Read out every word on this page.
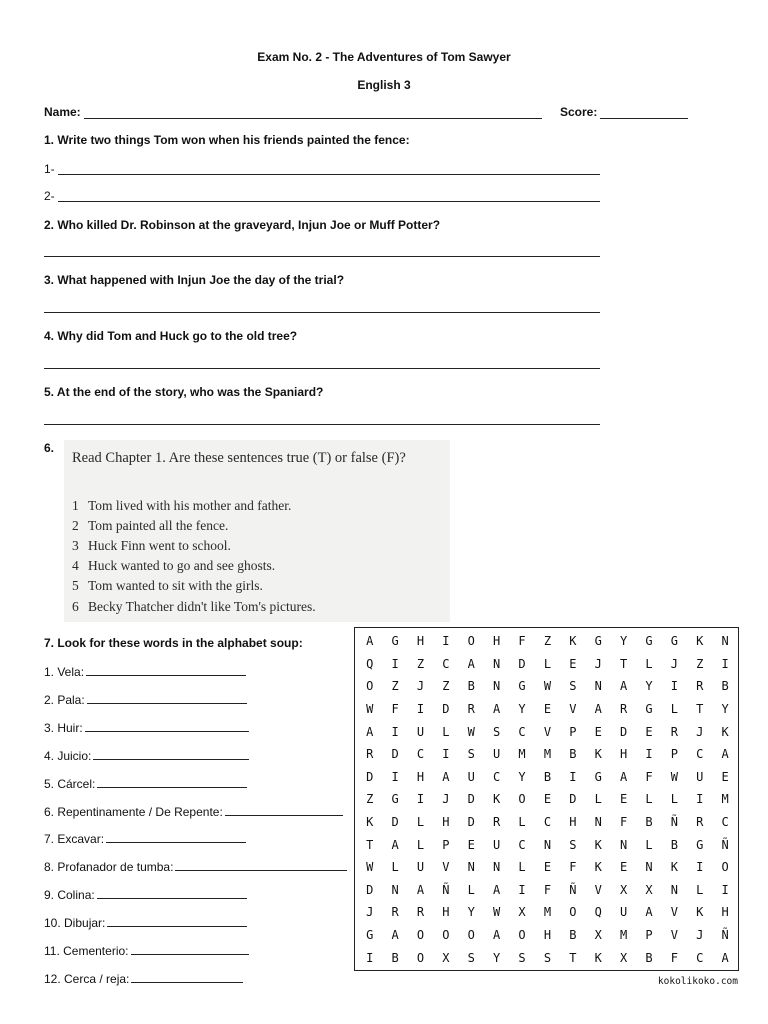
Exam No. 2 - The Adventures of Tom Sawyer
English 3
Name:	Score:
1. Write two things Tom won when his friends painted the fence:
1-
2-
2. Who killed Dr. Robinson at the graveyard, Injun Joe or Muff Potter?
3. What happened with Injun Joe the day of the trial?
4. Why did Tom and Huck go to the old tree?
5. At the end of the story, who was the Spaniard?
6.
Read Chapter 1. Are these sentences true (T) or false (F)?
1 Tom lived with his mother and father.
2 Tom painted all the fence.
3 Huck Finn went to school.
4 Huck wanted to go and see ghosts.
5 Tom wanted to sit with the girls.
6 Becky Thatcher didn't like Tom's pictures.
7. Look for these words in the alphabet soup:
1. Vela:
2. Pala:
3. Huir:
4. Juicio:
5. Cárcel:
6. Repentinamente / De Repente:
7. Excavar:
8. Profanador de tumba:
9. Colina:
10. Dibujar:
11. Cementerio:
12. Cerca / reja:
A	G	H	I	O	H	F	Z	K	G	Y	G	G	K	N
Q	I	Z	C	A	N	D	L	E	J	T	L	J	Z	I
O	Z	J	Z	B	N	G	W	S	N	A	Y	I	R	B
W	F	I	D	R	A	Y	E	V	A	R	G	L	T	Y
A	I	U	L	W	S	C	V	P	E	D	E	R	J	K
R	D	C	I	S	U	M	M	B	K	H	I	P	C	A
D	I	H	A	U	C	Y	B	I	G	A	F	W	U	E
Z	G	I	J	D	K	O	E	D	L	E	L	L	I	M
K	D	L	H	D	R	L	C	H	N	F	B	Ñ	R	C
T	A	L	P	E	U	C	N	S	K	N	L	B	G	Ñ
W	L	U	V	N	N	L	E	F	K	E	N	K	I	O
D	N	A	Ñ	L	A	I	F	Ñ	V	X	X	N	L	I
J	R	R	H	Y	W	X	M	O	Q	U	A	V	K	H
G	A	O	O	O	A	O	H	B	X	M	P	V	J	Ñ
I	B	O	X	S	Y	S	S	T	K	X	B	F	C	A
kokolikoko.com
